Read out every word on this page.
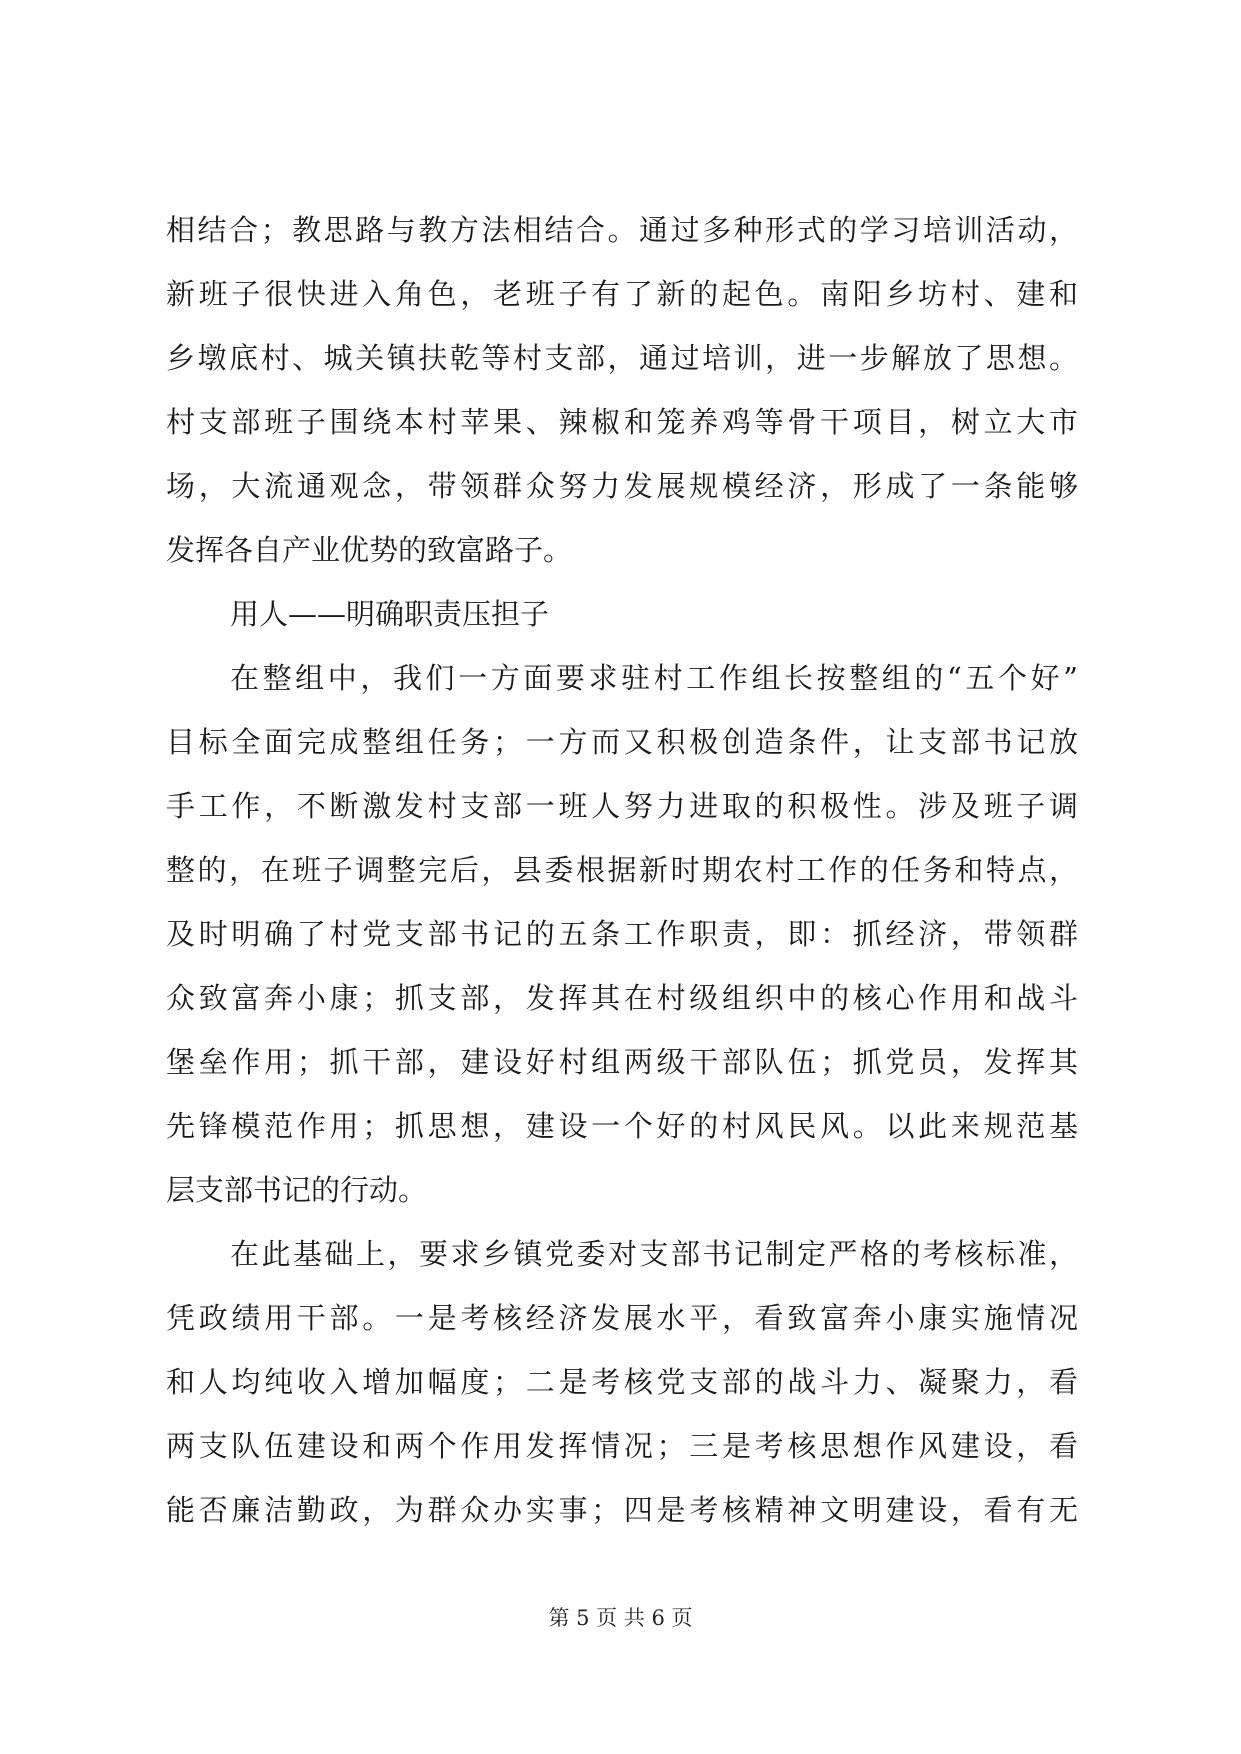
相结合；教思路与教方法相结合。通过多种形式的学习培训活动，
新班子很快进入角色，老班子有了新的起色。南阳乡坊村、建和
乡墩底村、城关镇扶乾等村支部，通过培训，进一步解放了思想。
村支部班子围绕本村苹果、辣椒和笼养鸡等骨干项目，树立大市
场，大流通观念，带领群众努力发展规模经济，形成了一条能够
发挥各自产业优势的致富路子。
用人——明确职责压担子
在整组中，我们一方面要求驻村工作组长按整组的“五个好”
目标全面完成整组任务；一方而又积极创造条件，让支部书记放
手工作，不断激发村支部一班人努力进取的积极性。涉及班子调
整的，在班子调整完后，县委根据新时期农村工作的任务和特点，
及时明确了村党支部书记的五条工作职责，即：抓经济，带领群
众致富奔小康；抓支部，发挥其在村级组织中的核心作用和战斗
堡垒作用；抓干部，建设好村组两级干部队伍；抓党员，发挥其
先锋模范作用；抓思想，建设一个好的村风民风。以此来规范基
层支部书记的行动。
在此基础上，要求乡镇党委对支部书记制定严格的考核标准，
凭政绩用干部。一是考核经济发展水平，看致富奔小康实施情况
和人均纯收入增加幅度；二是考核党支部的战斗力、凝聚力，看
两支队伍建设和两个作用发挥情况；三是考核思想作风建设，看
能否廉洁勤政，为群众办实事；四是考核精神文明建设，看有无
第 5 页 共 6 页
